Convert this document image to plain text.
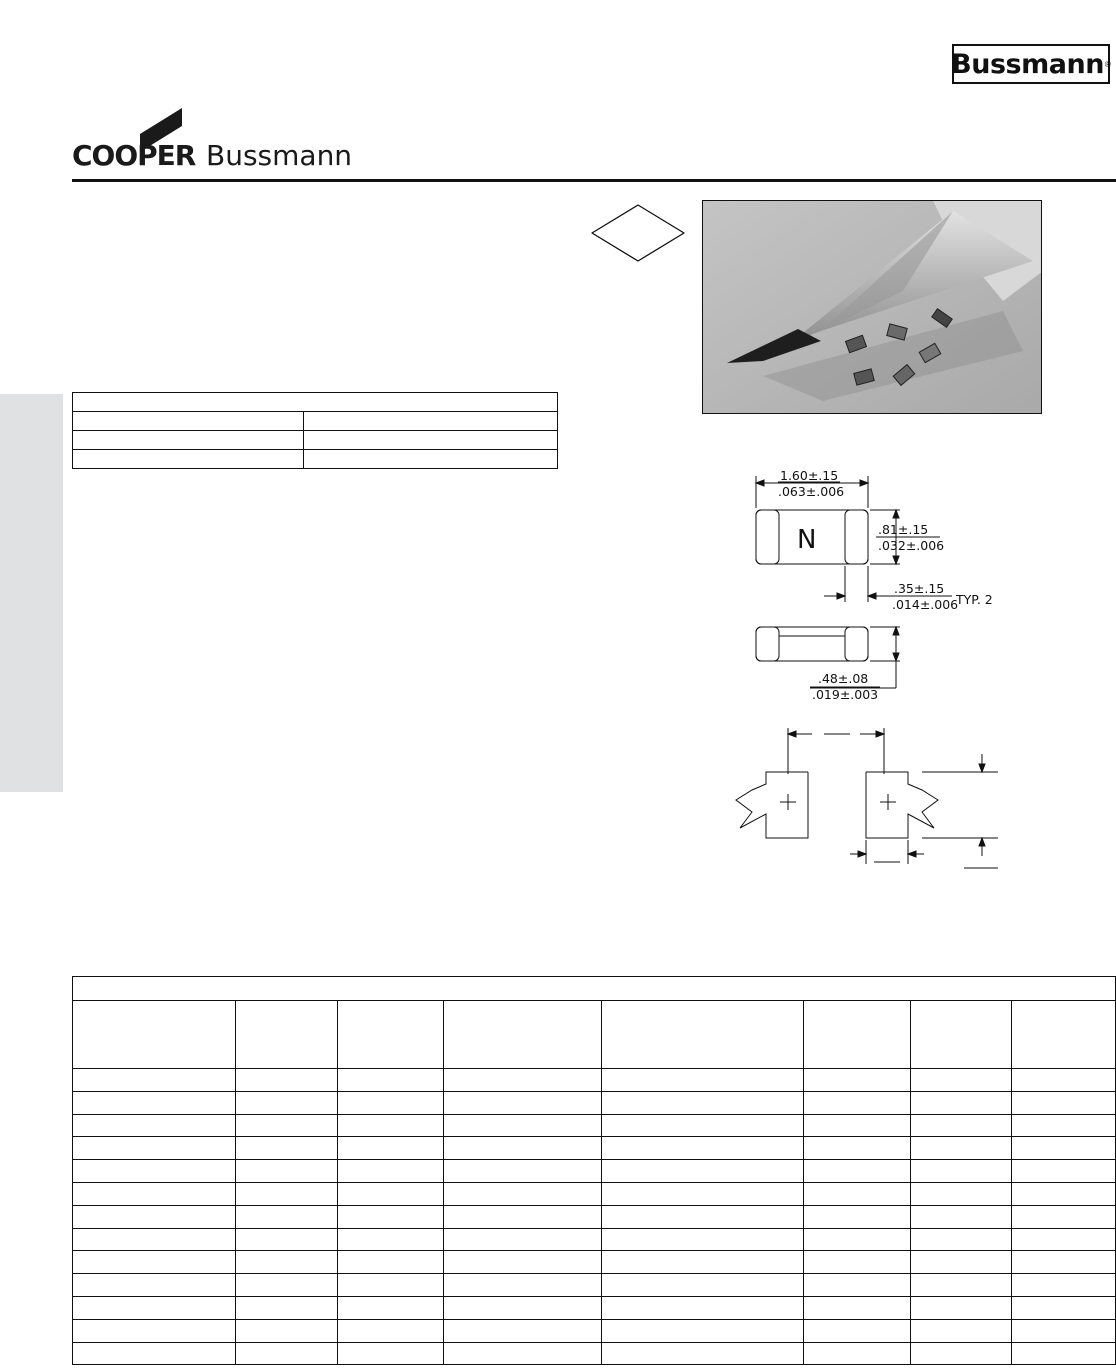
Bussmann ®
COOPER Bussmann

1.60±.15
.063±.006
N	.81±.15
.032±.006
.35±.15
.014±.006
TYP. 2
.48±.08
.019±.003
